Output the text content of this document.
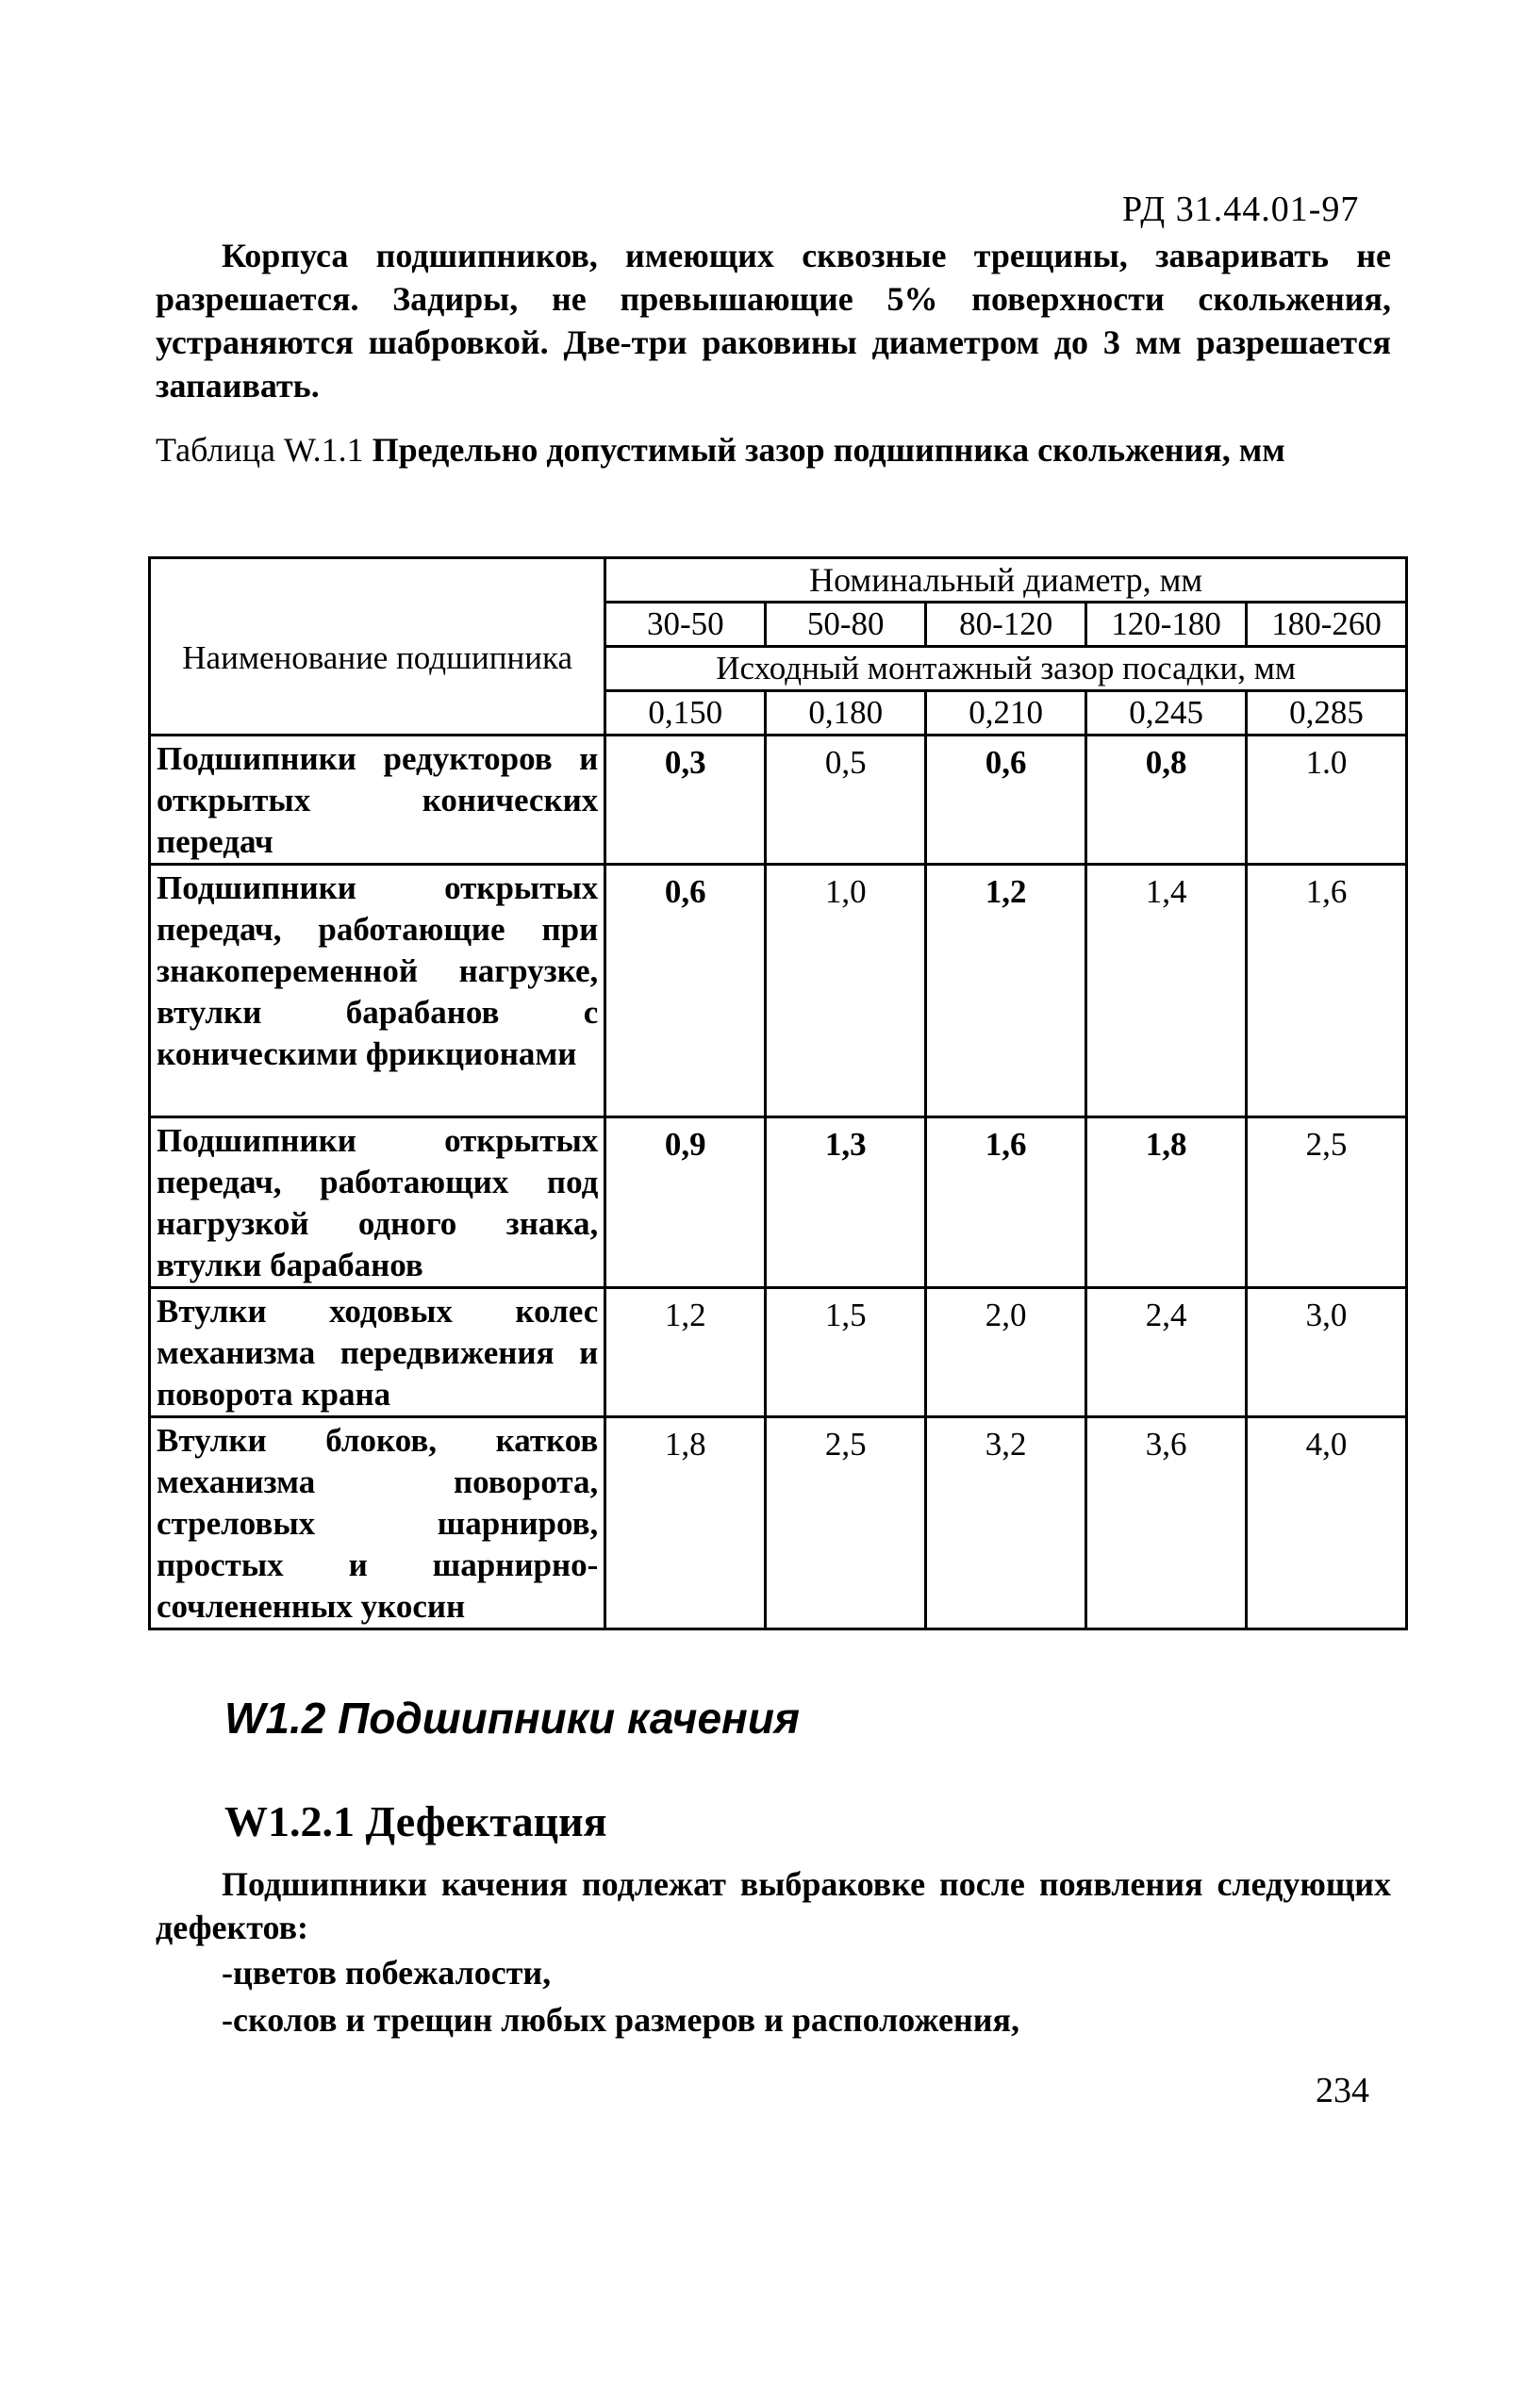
РД 31.44.01-97

Корпуса подшипников, имеющих сквозные трещины, заваривать не разрешается. Задиры, не превышающие 5% поверхности скольжения, устраняются шабровкой. Две-три раковины диаметром до 3 мм разрешается запаивать.

Таблица W.1.1 Предельно допустимый зазор подшипника скольжения, мм

Наименование подшипника	Номинальный диаметр, мм				
	30-50	50-80	80-120	120-180	180-260
	Исходный монтажный зазор посадки, мм				
	0,150	0,180	0,210	0,245	0,285
Подшипники редукторов и открытых конических передач	0,3	0,5	0,6	0,8	1.0
Подшипники открытых передач, работающие при знакопеременной нагрузке, втулки барабанов с коническими фрикционами	0,6	1,0	1,2	1,4	1,6
Подшипники открытых передач, работающих под нагрузкой одного знака, втулки барабанов	0,9	1,3	1,6	1,8	2,5
Втулки ходовых колес механизма передвижения и поворота крана	1,2	1,5	2,0	2,4	3,0
Втулки блоков, катков механизма поворота, стреловых шарниров, простых и шарнирно-сочлененных укосин	1,8	2,5	3,2	3,6	4,0
W1.2 Подшипники качения
W1.2.1 Дефектация

Подшипники качения подлежат выбраковке после появления следующих дефектов:

-цветов побежалости,
-сколов и трещин любых размеров и расположения,
234
